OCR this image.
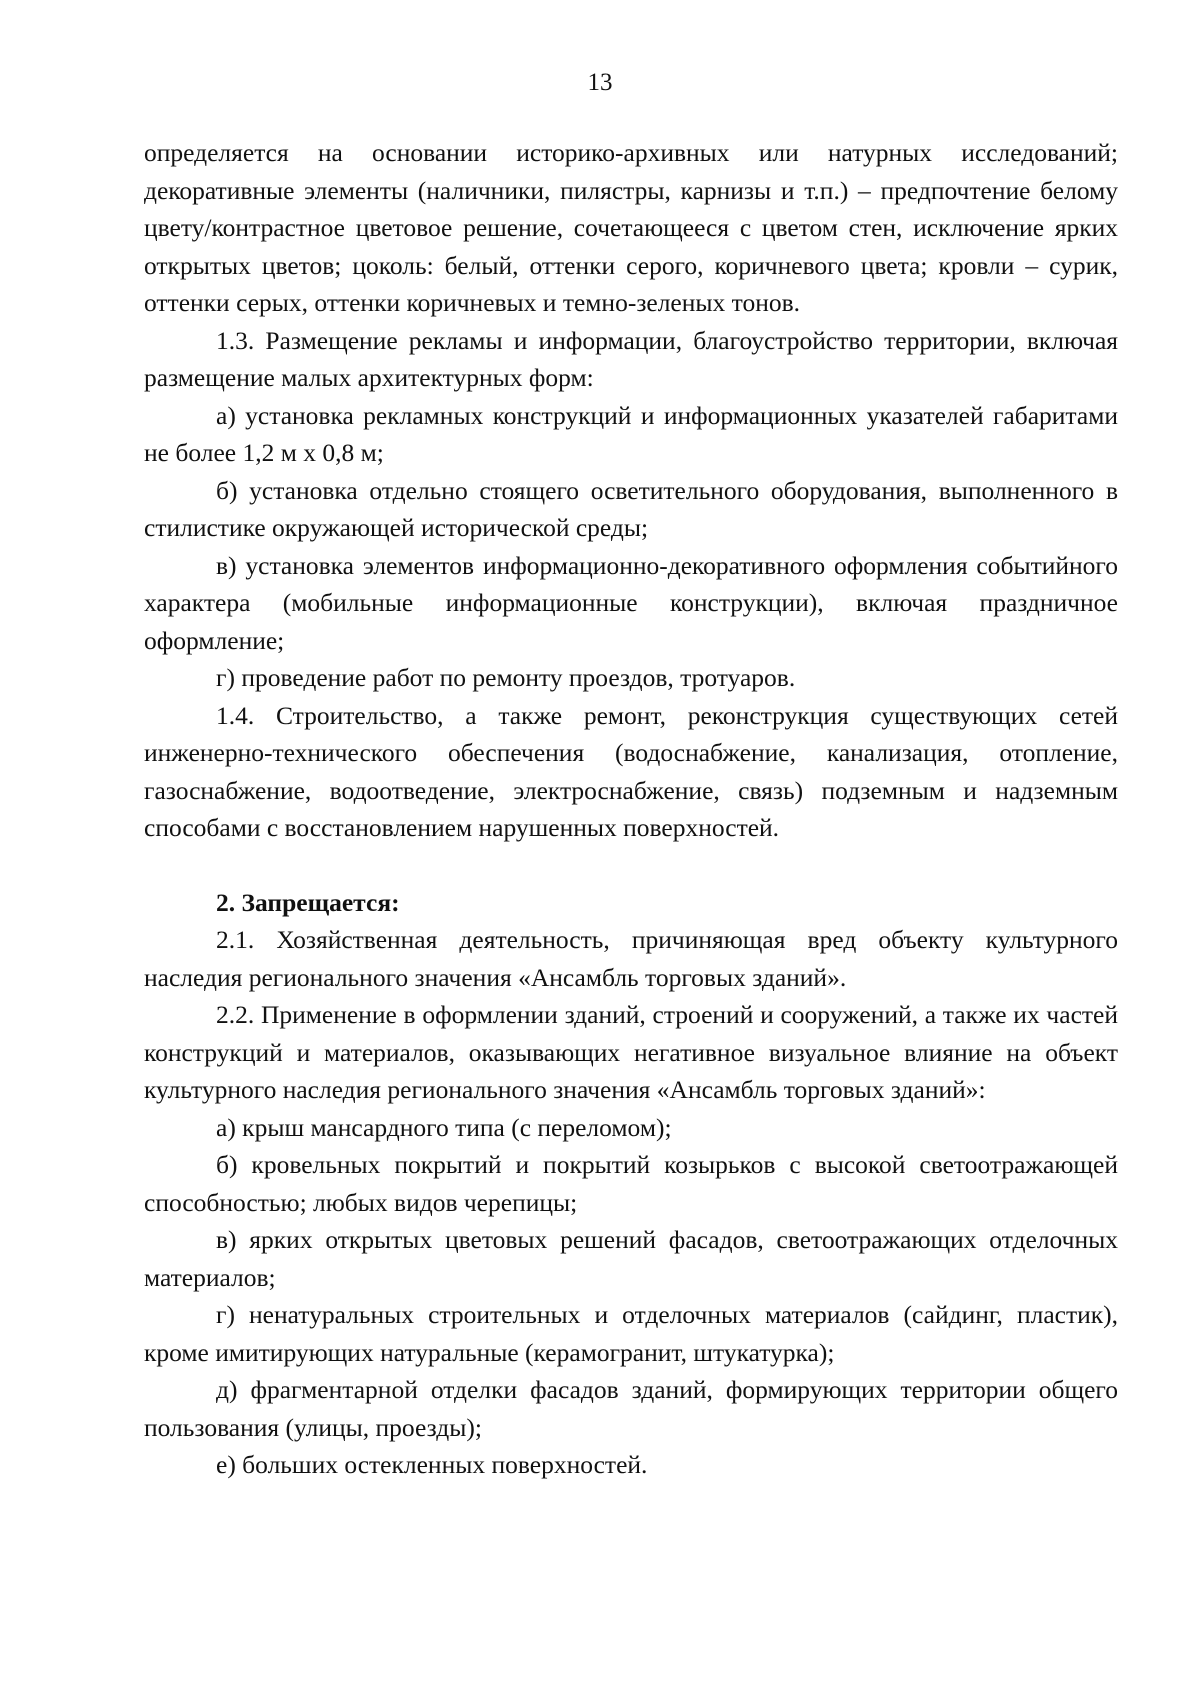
13

определяется на основании историко-архивных или натурных исследований; декоративные элементы (наличники, пилястры, карнизы и т.п.) – предпочтение белому цвету/контрастное цветовое решение, сочетающееся с цветом стен, исключение ярких открытых цветов; цоколь: белый, оттенки серого, коричневого цвета; кровли – сурик, оттенки серых, оттенки коричневых и темно-зеленых тонов.

1.3. Размещение рекламы и информации, благоустройство территории, включая размещение малых архитектурных форм:

а) установка рекламных конструкций и информационных указателей габаритами не более 1,2 м х 0,8 м;

б) установка отдельно стоящего осветительного оборудования, выполненного в стилистике окружающей исторической среды;

в) установка элементов информационно-декоративного оформления событийного характера (мобильные информационные конструкции), включая праздничное оформление;

г) проведение работ по ремонту проездов, тротуаров.

1.4. Строительство, а также ремонт, реконструкция существующих сетей инженерно-технического обеспечения (водоснабжение, канализация, отопление, газоснабжение, водоотведение, электроснабжение, связь) подземным и надземным способами с восстановлением нарушенных поверхностей.

2. Запрещается:

2.1. Хозяйственная деятельность, причиняющая вред объекту культурного наследия регионального значения «Ансамбль торговых зданий».

2.2. Применение в оформлении зданий, строений и сооружений, а также их частей конструкций и материалов, оказывающих негативное визуальное влияние на объект культурного наследия регионального значения «Ансамбль торговых зданий»:

а) крыш мансардного типа (с переломом);

б) кровельных покрытий и покрытий козырьков с высокой светоотражающей способностью; любых видов черепицы;

в) ярких открытых цветовых решений фасадов, светоотражающих отделочных материалов;

г) ненатуральных строительных и отделочных материалов (сайдинг, пластик), кроме имитирующих натуральные (керамогранит, штукатурка);

д) фрагментарной отделки фасадов зданий, формирующих территории общего пользования (улицы, проезды);

е) больших остекленных поверхностей.
